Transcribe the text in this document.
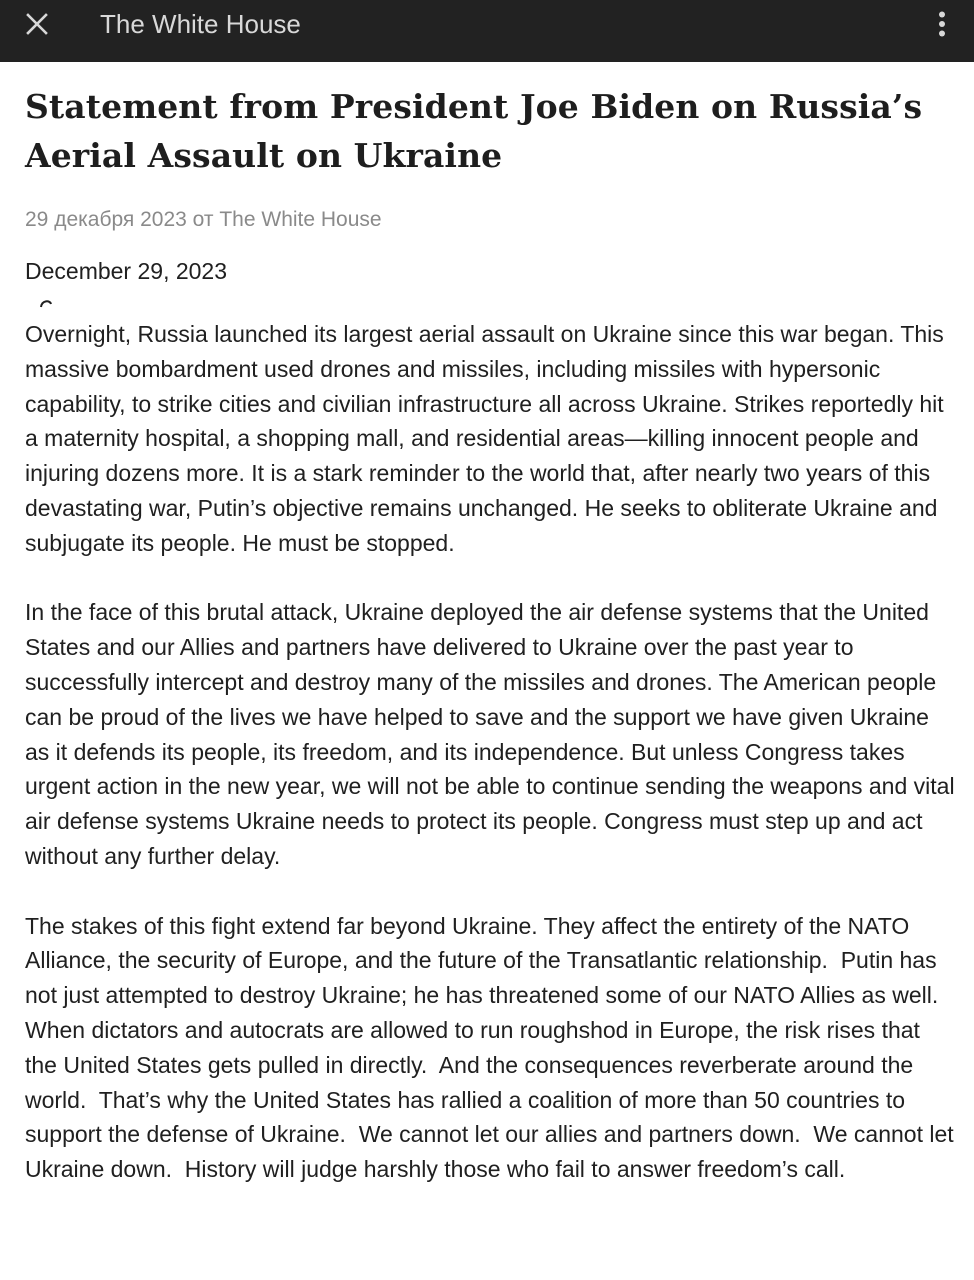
The White House
Statement from President Joe Biden on Russia’s Aerial Assault on Ukraine
29 декабря 2023 от The White House
December 29, 2023

Overnight, Russia launched its largest aerial assault on Ukraine since this war began. This massive bombardment used drones and missiles, including missiles with hypersonic capability, to strike cities and civilian infrastructure all across Ukraine. Strikes reportedly hit a maternity hospital, a shopping mall, and residential areas—killing innocent people and injuring dozens more. It is a stark reminder to the world that, after nearly two years of this devastating war, Putin’s objective remains unchanged. He seeks to obliterate Ukraine and subjugate its people. He must be stopped.

In the face of this brutal attack, Ukraine deployed the air defense systems that the United States and our Allies and partners have delivered to Ukraine over the past year to successfully intercept and destroy many of the missiles and drones. The American people can be proud of the lives we have helped to save and the support we have given Ukraine as it defends its people, its freedom, and its independence. But unless Congress takes urgent action in the new year, we will not be able to continue sending the weapons and vital air defense systems Ukraine needs to protect its people. Congress must step up and act without any further delay.

The stakes of this fight extend far beyond Ukraine. They affect the entirety of the NATO Alliance, the security of Europe, and the future of the Transatlantic relationship.  Putin has not just attempted to destroy Ukraine; he has threatened some of our NATO Allies as well. When dictators and autocrats are allowed to run roughshod in Europe, the risk rises that the United States gets pulled in directly.  And the consequences reverberate around the world.  That’s why the United States has rallied a coalition of more than 50 countries to support the defense of Ukraine.  We cannot let our allies and partners down.  We cannot let Ukraine down.  History will judge harshly those who fail to answer freedom’s call.
